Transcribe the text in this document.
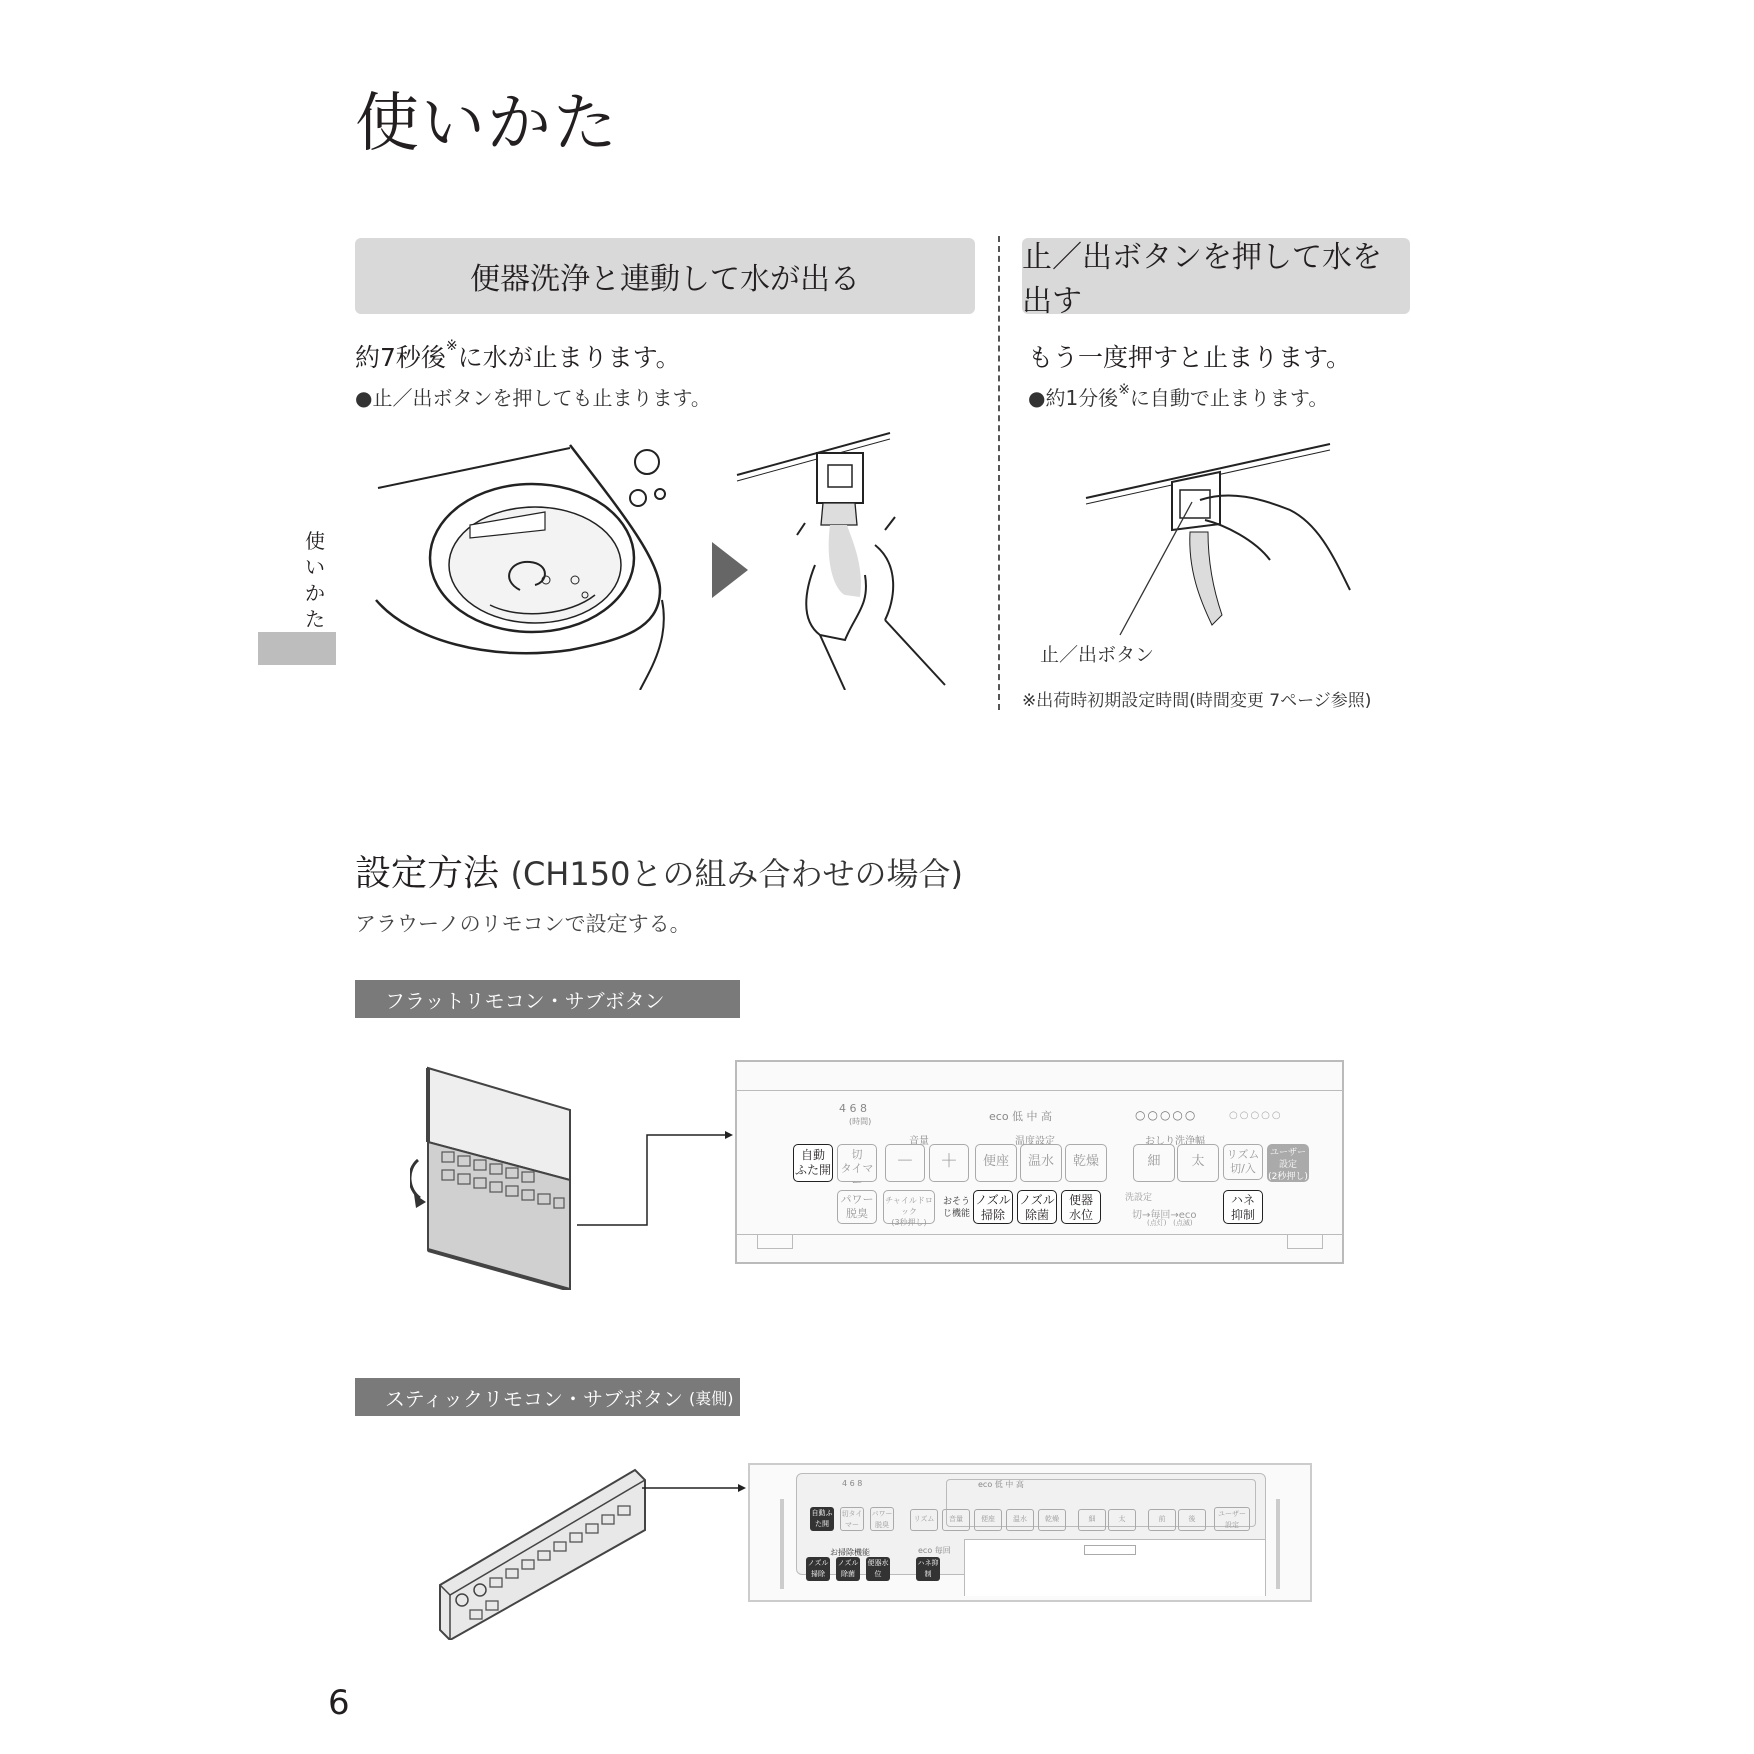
使いかた
使いかた
便器洗浄と連動して水が出る
約7秒後※に水が止まります。
●止／出ボタンを押しても止まります。
止／出ボタンを押して水を出す
もう一度押すと止まります。
●約1分後※に自動で止まります。
止／出ボタン
※出荷時初期設定時間(時間変更 7ページ参照)
設定方法 (CH150との組み合わせの場合)
アラウーノのリモコンで設定する。
フラットリモコン・サブボタン
4 6 8
(時間)	eco 低 中 高
音量	温度設定	おしり洗浄幅
○○○○○	○○○○○
自動
ふた開
切
タイマー
－	＋	便座	温水	乾燥	細	太	リズム
切/入
ユーザー設定
(2秒押し)
パワー
脱臭
チャイルドロック
(3秒押し)
おそうじ機能
ノズル
掃除
ノズル
除菌
便器
水位
洗設定
切→毎回→eco
(点灯)   (点滅)
ハネ
抑制
スティックリモコン・サブボタン (裏側)
4 6 8	eco 低 中 高
お掃除機能	eco 毎回
自動ふた開
切タイマー
パワー脱臭
リズム	音量	便座	温水	乾燥	細	太	前	後
ユーザー設定
ノズル掃除
ノズル除菌
便器水位
ハネ抑制
6
